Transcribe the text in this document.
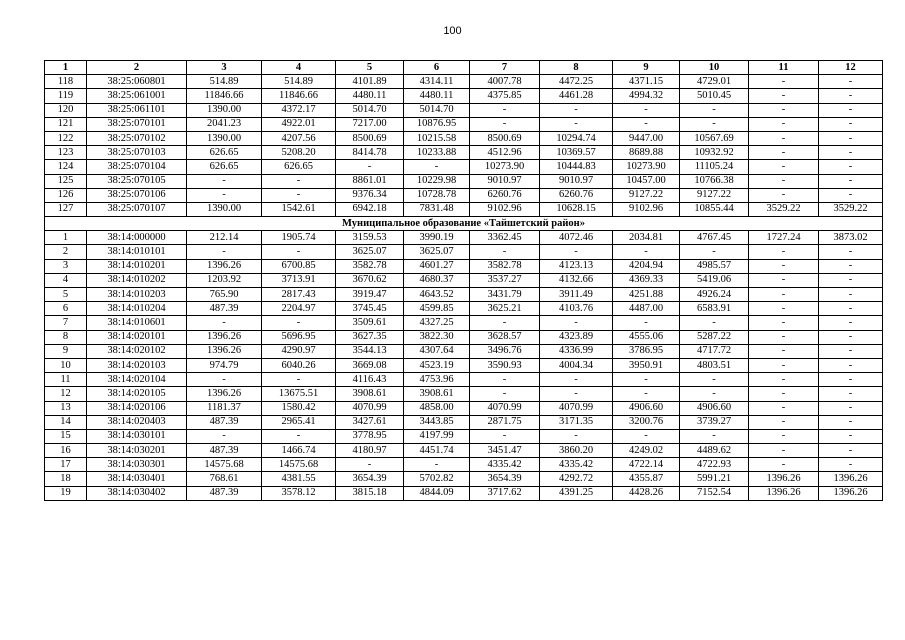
100
1	2	3	4	5	6	7	8	9	10	11	12
118	38:25:060801	514.89	514.89	4101.89	4314.11	4007.78	4472.25	4371.15	4729.01	-	-
119	38:25:061001	11846.66	11846.66	4480.11	4480.11	4375.85	4461.28	4994.32	5010.45	-	-
120	38:25:061101	1390.00	4372.17	5014.70	5014.70	-	-	-	-	-	-
121	38:25:070101	2041.23	4922.01	7217.00	10876.95	-	-	-	-	-	-
122	38:25:070102	1390.00	4207.56	8500.69	10215.58	8500.69	10294.74	9447.00	10567.69	-	-
123	38:25:070103	626.65	5208.20	8414.78	10233.88	4512.96	10369.57	8689.88	10932.92	-	-
124	38:25:070104	626.65	626.65	-	-	10273.90	10444.83	10273.90	11105.24	-	-
125	38:25:070105	-	-	8861.01	10229.98	9010.97	9010.97	10457.00	10766.38	-	-
126	38:25:070106	-	-	9376.34	10728.78	6260.76	6260.76	9127.22	9127.22	-	-
127	38:25:070107	1390.00	1542.61	6942.18	7831.48	9102.96	10628.15	9102.96	10855.44	3529.22	3529.22
Муниципальное образование «Тайшетский район»											
1	38:14:000000	212.14	1905.74	3159.53	3990.19	3362.45	4072.46	2034.81	4767.45	1727.24	3873.02
2	38:14:010101	-	-	3625.07	3625.07	-	-	-	-	-	-
3	38:14:010201	1396.26	6700.85	3582.78	4601.27	3582.78	4123.13	4204.94	4985.57	-	-
4	38:14:010202	1203.92	3713.91	3670.62	4680.37	3537.27	4132.66	4369.33	5419.06	-	-
5	38:14:010203	765.90	2817.43	3919.47	4643.52	3431.79	3911.49	4251.88	4926.24	-	-
6	38:14:010204	487.39	2204.97	3745.45	4599.85	3625.21	4103.76	4487.00	6583.91	-	-
7	38:14:010601	-	-	3509.61	4327.25	-	-	-	-	-	-
8	38:14:020101	1396.26	5696.95	3627.35	3822.30	3628.57	4323.89	4555.06	5287.22	-	-
9	38:14:020102	1396.26	4290.97	3544.13	4307.64	3496.76	4336.99	3786.95	4717.72	-	-
10	38:14:020103	974.79	6040.26	3669.08	4523.19	3590.93	4004.34	3950.91	4803.51	-	-
11	38:14:020104	-	-	4116.43	4753.96	-	-	-	-	-	-
12	38:14:020105	1396.26	13675.51	3908.61	3908.61	-	-	-	-	-	-
13	38:14:020106	1181.37	1580.42	4070.99	4858.00	4070.99	4070.99	4906.60	4906.60	-	-
14	38:14:020403	487.39	2965.41	3427.61	3443.85	2871.75	3171.35	3200.76	3739.27	-	-
15	38:14:030101	-	-	3778.95	4197.99	-	-	-	-	-	-
16	38:14:030201	487.39	1466.74	4180.97	4451.74	3451.47	3860.20	4249.02	4489.62	-	-
17	38:14:030301	14575.68	14575.68	-	-	4335.42	4335.42	4722.14	4722.93	-	-
18	38:14:030401	768.61	4381.55	3654.39	5702.82	3654.39	4292.72	4355.87	5991.21	1396.26	1396.26
19	38:14:030402	487.39	3578.12	3815.18	4844.09	3717.62	4391.25	4428.26	7152.54	1396.26	1396.26
